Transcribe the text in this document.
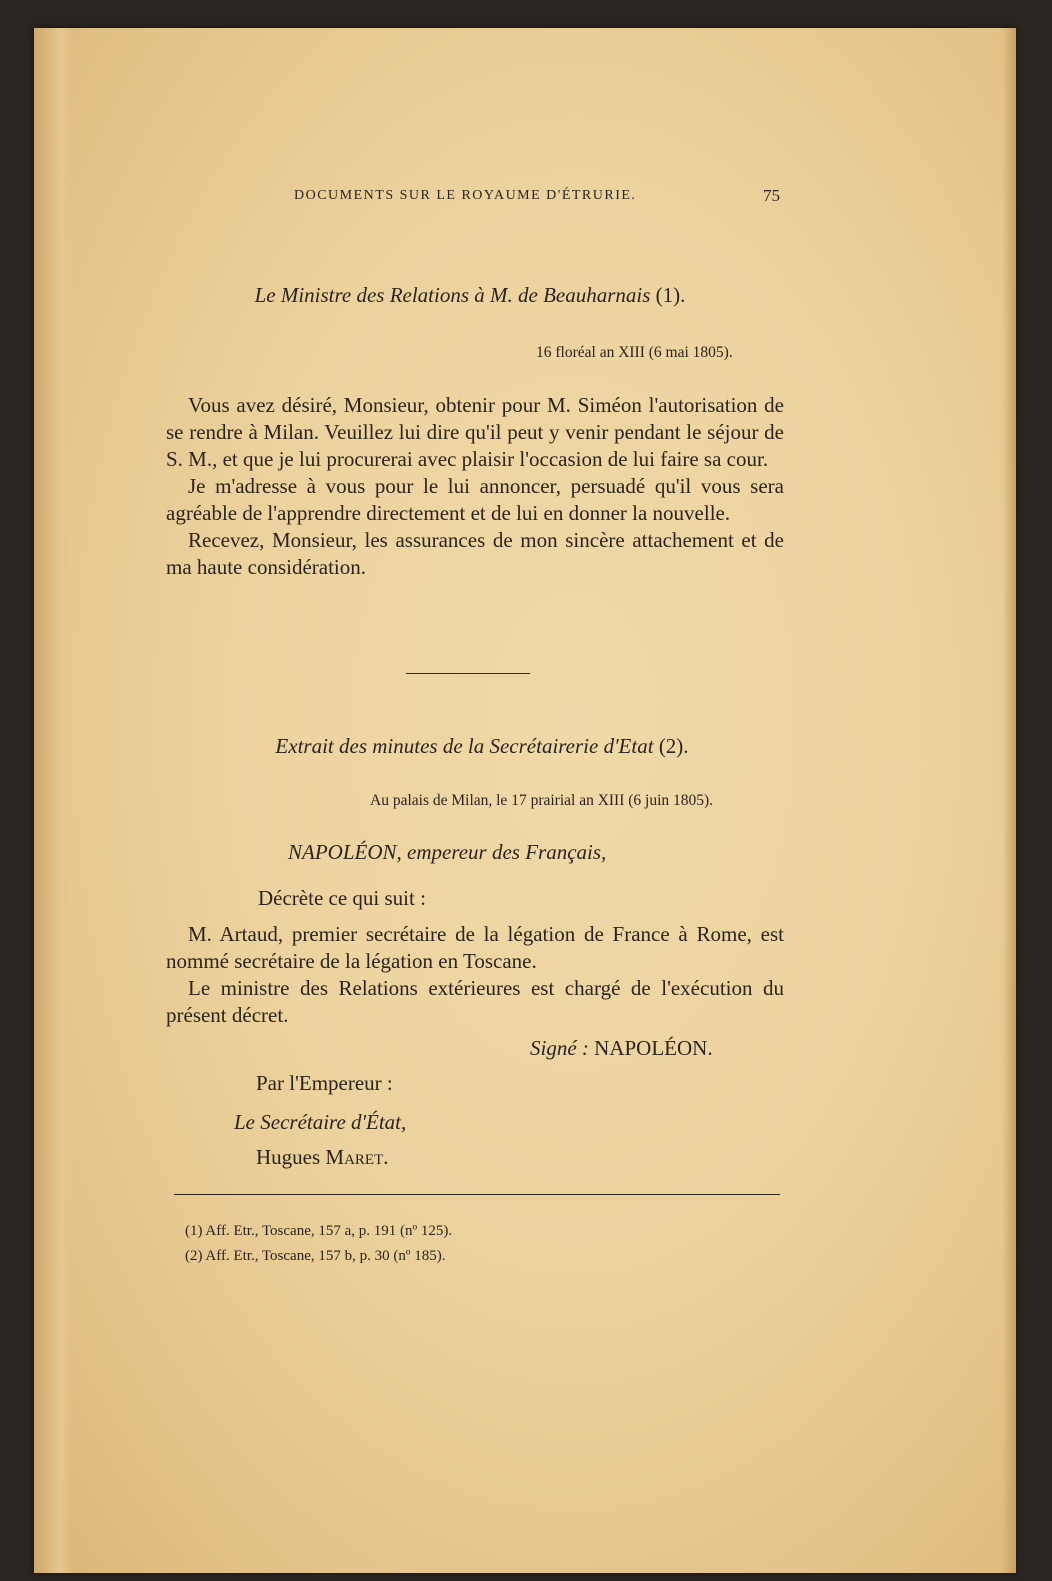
DOCUMENTS SUR LE ROYAUME D'ÉTRURIE.	75
Le Ministre des Relations à M. de Beauharnais (1).
16 floréal an XIII (6 mai 1805).

Vous avez désiré, Monsieur, obtenir pour M. Siméon l'autorisation de se rendre à Milan. Veuillez lui dire qu'il peut y venir pendant le séjour de S. M., et que je lui procurerai avec plaisir l'occasion de lui faire sa cour.

Je m'adresse à vous pour le lui annoncer, persuadé qu'il vous sera agréable de l'apprendre directement et de lui en donner la nouvelle.

Recevez, Monsieur, les assurances de mon sincère attachement et de ma haute considération.

Extrait des minutes de la Secrétairerie d'Etat (2).
Au palais de Milan, le 17 prairial an XIII (6 juin 1805).
NAPOLÉON, empereur des Français,
Décrète ce qui suit :

M. Artaud, premier secrétaire de la légation de France à Rome, est nommé secrétaire de la légation en Toscane.

Le ministre des Relations extérieures est chargé de l'exécution du présent décret.

Signé : NAPOLÉON.
Par l'Empereur :
Le Secrétaire d'État,
Hugues Maret.
(1) Aff. Etr., Toscane, 157 a, p. 191 (nº 125).
(2) Aff. Etr., Toscane, 157 b, p. 30 (nº 185).
